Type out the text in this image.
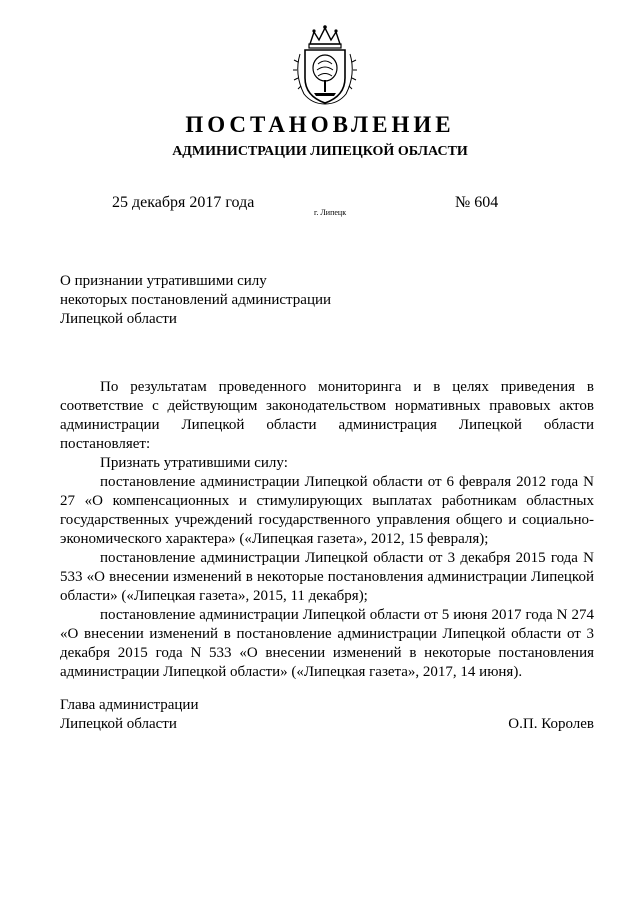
ПОСТАНОВЛЕНИЕ
АДМИНИСТРАЦИИ ЛИПЕЦКОЙ ОБЛАСТИ
25 декабря 2017 года
г. Липецк
№ 604
О признании утратившими силу
некоторых постановлений администрации
Липецкой области

По результатам проведенного мониторинга и в целях приведения в соответствие с действующим законодательством нормативных правовых актов администрации Липецкой области администрация Липецкой области постановляет:

Признать утратившими силу:

постановление администрации Липецкой области от 6 февраля 2012 года N 27 «О компенсационных и стимулирующих выплатах работникам областных государственных учреждений государственного управления общего и социально-экономического характера» («Липецкая газета», 2012, 15 февраля);

постановление администрации Липецкой области от 3 декабря 2015 года N 533 «О внесении изменений в некоторые постановления администрации Липецкой области» («Липецкая газета», 2015, 11 декабря);

постановление администрации Липецкой области от 5 июня 2017 года N 274 «О внесении изменений в постановление администрации Липецкой области от 3 декабря 2015 года N 533 «О внесении изменений в некоторые постановления администрации Липецкой области» («Липецкая газета», 2017, 14 июня).

Глава администрации
Липецкой области	О.П. Королев
